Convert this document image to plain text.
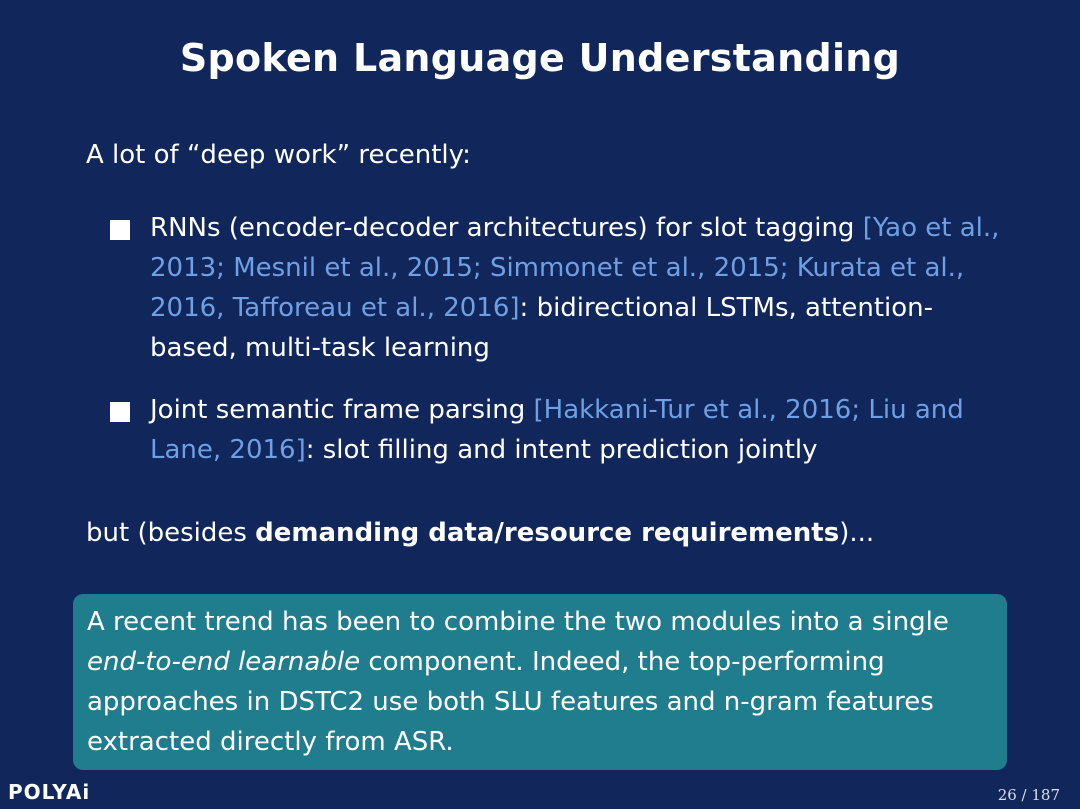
Spoken Language Understanding
A lot of “deep work” recently:
RNNs (encoder-decoder architectures) for slot tagging [Yao et al., 2013; Mesnil et al., 2015; Simmonet et al., 2015; Kurata et al., 2016, Tafforeau et al., 2016]: bidirectional LSTMs, attention-based, multi-task learning
Joint semantic frame parsing [Hakkani-Tur et al., 2016; Liu and Lane, 2016]: slot filling and intent prediction jointly
but (besides demanding data/resource requirements)...
A recent trend has been to combine the two modules into a single end-to-end learnable component. Indeed, the top-performing approaches in DSTC2 use both SLU features and n-gram features extracted directly from ASR.
POLYAi	26 / 187
